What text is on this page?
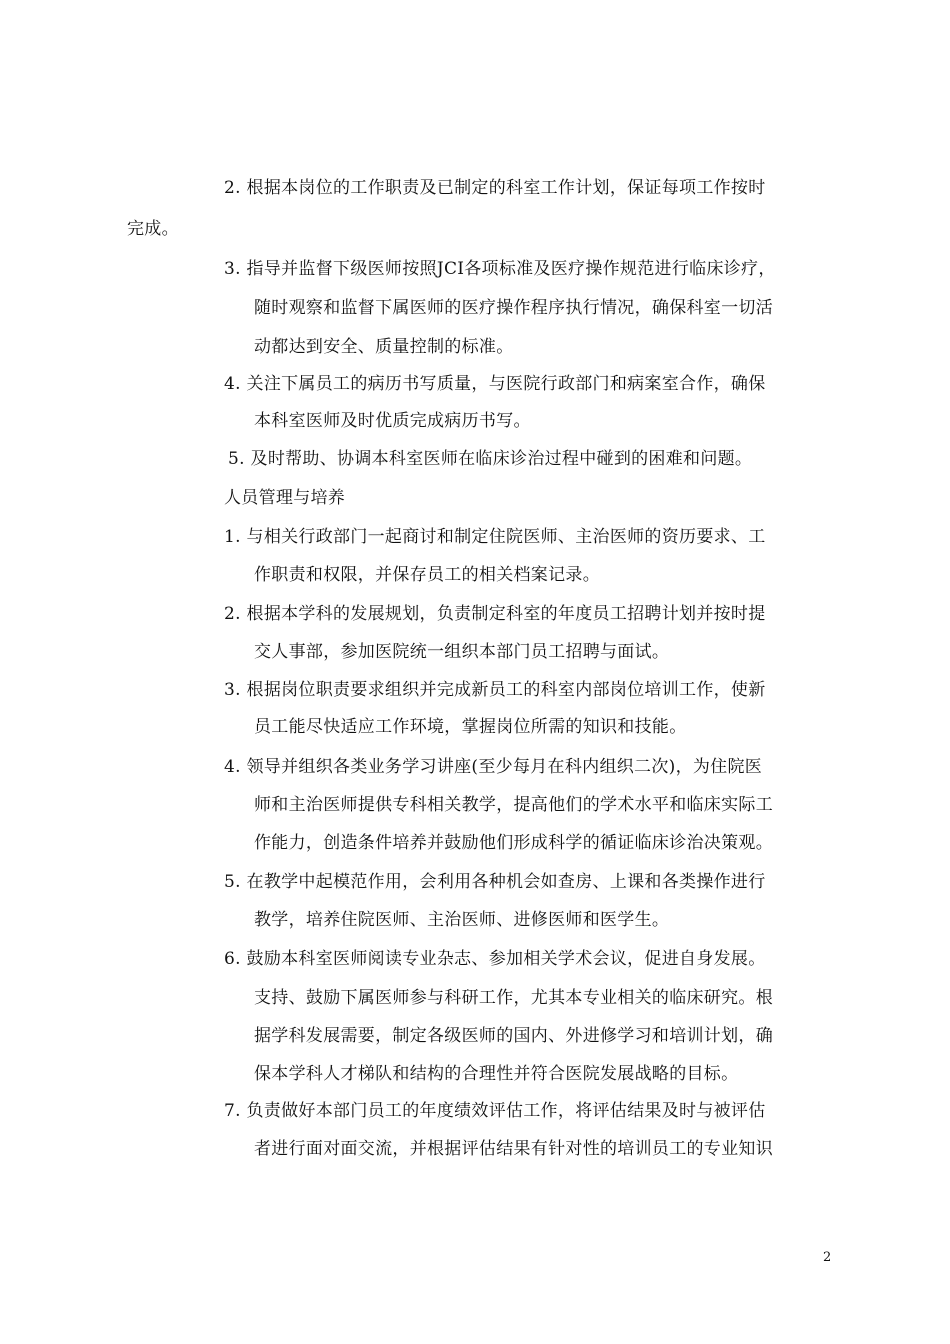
2. 根据本岗位的工作职责及已制定的科室工作计划，保证每项工作按时
完成。
3. 指导并监督下级医师按照JCI各项标准及医疗操作规范进行临床诊疗，
随时观察和监督下属医师的医疗操作程序执行情况，确保科室一切活
动都达到安全、质量控制的标准。
4. 关注下属员工的病历书写质量，与医院行政部门和病案室合作，确保
本科室医师及时优质完成病历书写。
5. 及时帮助、协调本科室医师在临床诊治过程中碰到的困难和问题。
人员管理与培养
1. 与相关行政部门一起商讨和制定住院医师、主治医师的资历要求、工
作职责和权限，并保存员工的相关档案记录。
2. 根据本学科的发展规划，负责制定科室的年度员工招聘计划并按时提
交人事部，参加医院统一组织本部门员工招聘与面试。
3. 根据岗位职责要求组织并完成新员工的科室内部岗位培训工作，使新
员工能尽快适应工作环境，掌握岗位所需的知识和技能。
4. 领导并组织各类业务学习讲座(至少每月在科内组织二次)，为住院医
师和主治医师提供专科相关教学，提高他们的学术水平和临床实际工
作能力，创造条件培养并鼓励他们形成科学的循证临床诊治决策观。
5. 在教学中起模范作用，会利用各种机会如查房、上课和各类操作进行
教学，培养住院医师、主治医师、进修医师和医学生。
6. 鼓励本科室医师阅读专业杂志、参加相关学术会议，促进自身发展。
支持、鼓励下属医师参与科研工作，尤其本专业相关的临床研究。根
据学科发展需要，制定各级医师的国内、外进修学习和培训计划，确
保本学科人才梯队和结构的合理性并符合医院发展战略的目标。
7. 负责做好本部门员工的年度绩效评估工作，将评估结果及时与被评估
者进行面对面交流，并根据评估结果有针对性的培训员工的专业知识
2
